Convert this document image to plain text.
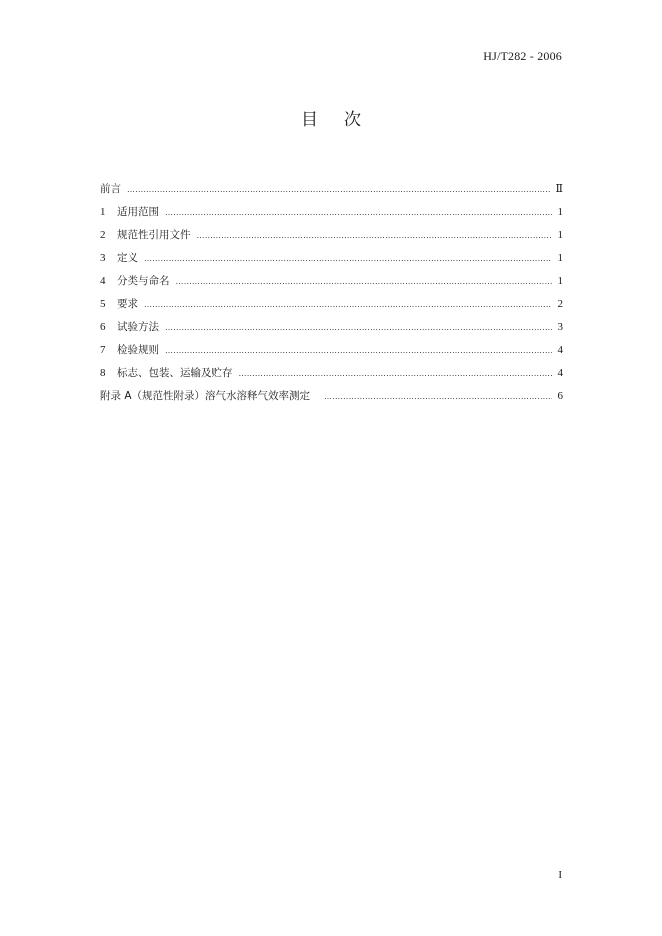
HJ/T282 - 2006
目次
前言 …………………………………………………………………………………………………………………………………………………………………………………………………………	Ⅱ
1	适用范围 …………………………………………………………………………………………………………………………………………………………………………………………………………	1
2	规范性引用文件 …………………………………………………………………………………………………………………………………………………………………………………………………………	1
3	定义 …………………………………………………………………………………………………………………………………………………………………………………………………………	1
4	分类与命名 …………………………………………………………………………………………………………………………………………………………………………………………………………	1
5	要求 …………………………………………………………………………………………………………………………………………………………………………………………………………	2
6	试验方法 …………………………………………………………………………………………………………………………………………………………………………………………………………	3
7	检验规则 …………………………………………………………………………………………………………………………………………………………………………………………………………	4
8	标志、包装、运输及贮存 …………………………………………………………………………………………………………………………………………………………………………………………………………	4
附录 A（规范性附录）溶气水溶释气效率测定 …………………………………………………………………………………………………………………………………………………………………………………………………………	6
I
